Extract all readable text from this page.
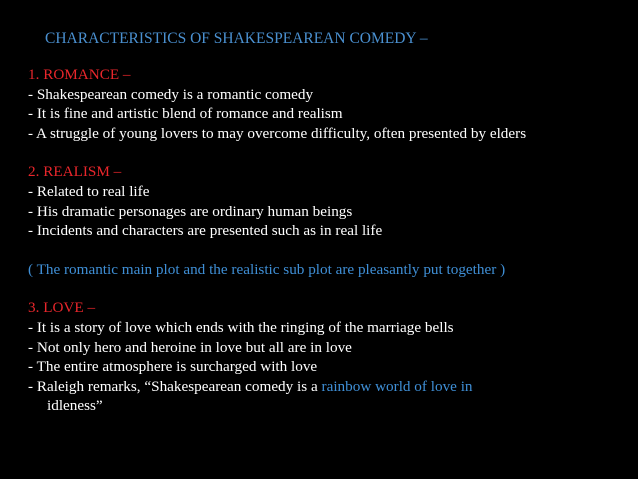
CHARACTERISTICS OF SHAKESPEAREAN COMEDY –
1. ROMANCE –
- Shakespearean comedy is a romantic comedy
- It is fine and artistic blend of romance and realism
- A struggle of young lovers to may overcome difficulty, often presented by elders
2. REALISM –
- Related to real life
- His dramatic personages are ordinary human beings
- Incidents and characters are presented such as in real life
( The romantic main plot and the realistic sub plot are pleasantly put together )
3. LOVE –
- It is a story of love which ends with the ringing of the marriage bells
- Not only hero and heroine in love but all are in love
- The entire atmosphere is surcharged with love
- Raleigh remarks, “Shakespearean comedy is a rainbow world of love in
idleness”
